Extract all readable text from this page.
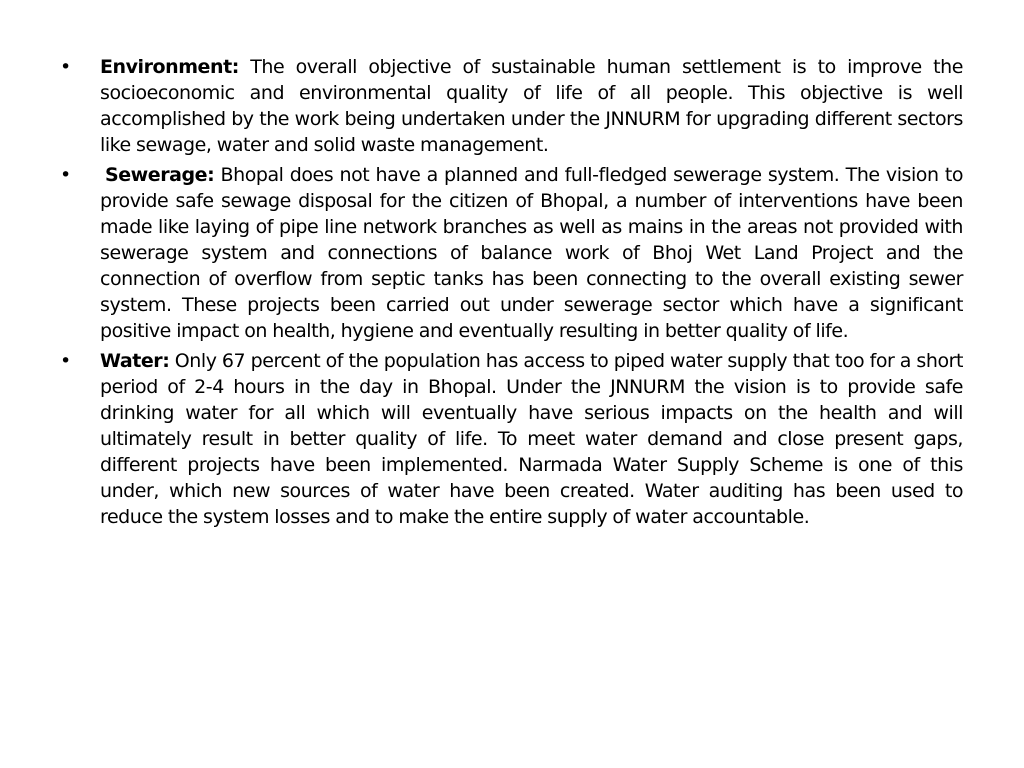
•	Environment: The overall objective of sustainable human settlement is to improve the socioeconomic and environmental quality of life of all people. This objective is well accomplished by the work being undertaken under the JNNURM for upgrading different sectors like sewage, water and solid waste management.
•	Sewerage: Bhopal does not have a planned and full-fledged sewerage system. The vision to provide safe sewage disposal for the citizen of Bhopal, a number of interventions have been made like laying of pipe line network branches as well as mains in the areas not provided with sewerage system and connections of balance work of Bhoj Wet Land Project and the connection of overflow from septic tanks has been connecting to the overall existing sewer system. These projects been carried out under sewerage sector which have a significant positive impact on health, hygiene and eventually resulting in better quality of life.
•	Water: Only 67 percent of the population has access to piped water supply that too for a short period of 2-4 hours in the day in Bhopal. Under the JNNURM the vision is to provide safe drinking water for all which will eventually have serious impacts on the health and will ultimately result in better quality of life. To meet water demand and close present gaps, different projects have been implemented. Narmada Water Supply Scheme is one of this under, which new sources of water have been created. Water auditing has been used to reduce the system losses and to make the entire supply of water accountable.
